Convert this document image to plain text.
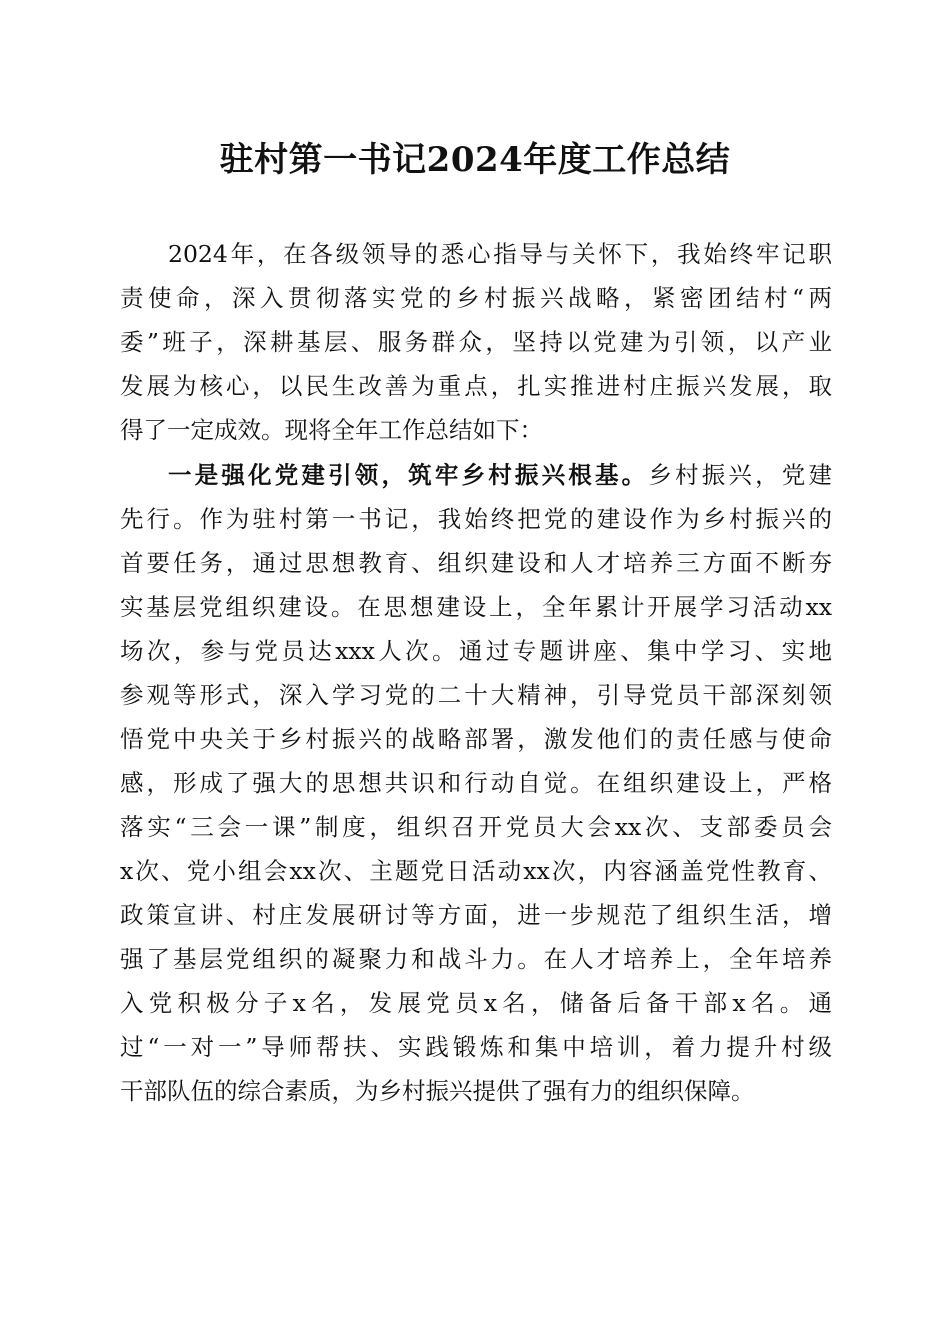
驻村第一书记2024年度工作总结
2024年，在各级领导的悉心指导与关怀下，我始终牢记职
责使命，深入贯彻落实党的乡村振兴战略，紧密团结村“两
委”班子，深耕基层、服务群众，坚持以党建为引领，以产业
发展为核心，以民生改善为重点，扎实推进村庄振兴发展，取
得了一定成效。现将全年工作总结如下：
一是强化党建引领，筑牢乡村振兴根基。乡村振兴，党建
先行。作为驻村第一书记，我始终把党的建设作为乡村振兴的
首要任务，通过思想教育、组织建设和人才培养三方面不断夯
实基层党组织建设。在思想建设上，全年累计开展学习活动xx
场次，参与党员达xxx人次。通过专题讲座、集中学习、实地
参观等形式，深入学习党的二十大精神，引导党员干部深刻领
悟党中央关于乡村振兴的战略部署，激发他们的责任感与使命
感，形成了强大的思想共识和行动自觉。在组织建设上，严格
落实“三会一课”制度，组织召开党员大会xx次、支部委员会
x次、党小组会xx次、主题党日活动xx次，内容涵盖党性教育、
政策宣讲、村庄发展研讨等方面，进一步规范了组织生活，增
强了基层党组织的凝聚力和战斗力。在人才培养上，全年培养
入党积极分子x名，发展党员x名，储备后备干部x名。通
过“一对一”导师帮扶、实践锻炼和集中培训，着力提升村级
干部队伍的综合素质，为乡村振兴提供了强有力的组织保障。
